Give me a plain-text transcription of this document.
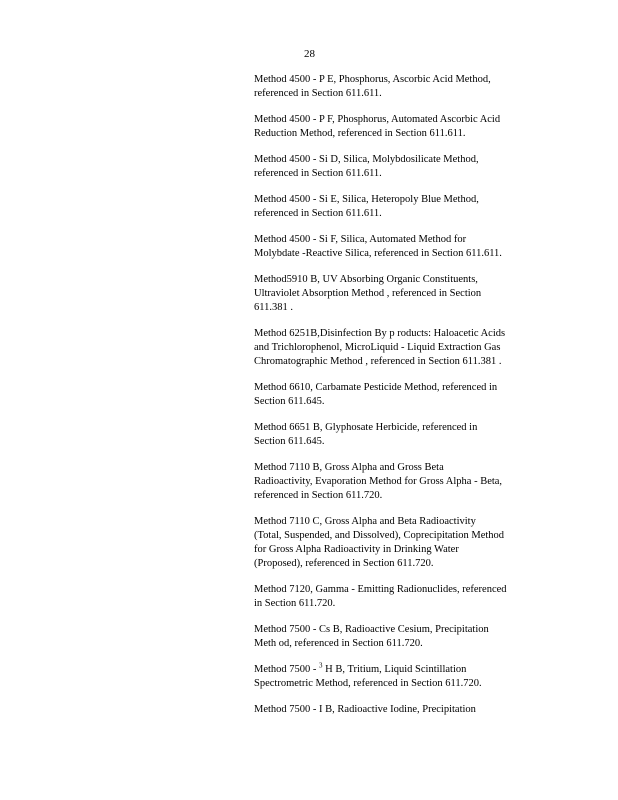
28

Method 4500 - P E, Phosphorus, Ascorbic Acid Method,
referenced in Section 611.611.

Method 4500 - P F, Phosphorus, Automated Ascorbic Acid
Reduction Method, referenced in Section 611.611.

Method 4500 - Si D, Silica, Molybdosilicate Method,
referenced in Section 611.611.

Method 4500 - Si E, Silica, Heteropoly Blue Method,
referenced in Section 611.611.

Method 4500 - Si F, Silica, Automated Method for
Molybdate -Reactive Silica, referenced in Section 611.611.

Method5910 B, UV Absorbing Organic Constituents,
Ultraviolet Absorption Method , referenced in Section
611.381 .

Method 6251B,Disinfection By p roducts: Haloacetic Acids
and Trichlorophenol, MicroLiquid - Liquid Extraction Gas
Chromatographic Method , referenced in Section 611.381 .

Method 6610, Carbamate Pesticide Method, referenced in
Section 611.645.

Method 6651 B, Glyphosate Herbicide, referenced in
Section 611.645.

Method 7110 B, Gross Alpha and Gross Beta
Radioactivity, Evaporation Method for Gross Alpha - Beta,
referenced in Section 611.720.

Method 7110 C, Gross Alpha and Beta Radioactivity
(Total, Suspended, and Dissolved), Coprecipitation Method
for Gross Alpha Radioactivity in Drinking Water
(Proposed), referenced in Section 611.720.

Method 7120, Gamma - Emitting Radionuclides, referenced
in Section 611.720.

Method 7500 - Cs B, Radioactive Cesium, Precipitation
Meth od, referenced in Section 611.720.

Method 7500 - $^3$ H B, Tritium, Liquid Scintillation
Spectrometric Method, referenced in Section 611.720.

Method 7500 - I B, Radioactive Iodine, Precipitation
